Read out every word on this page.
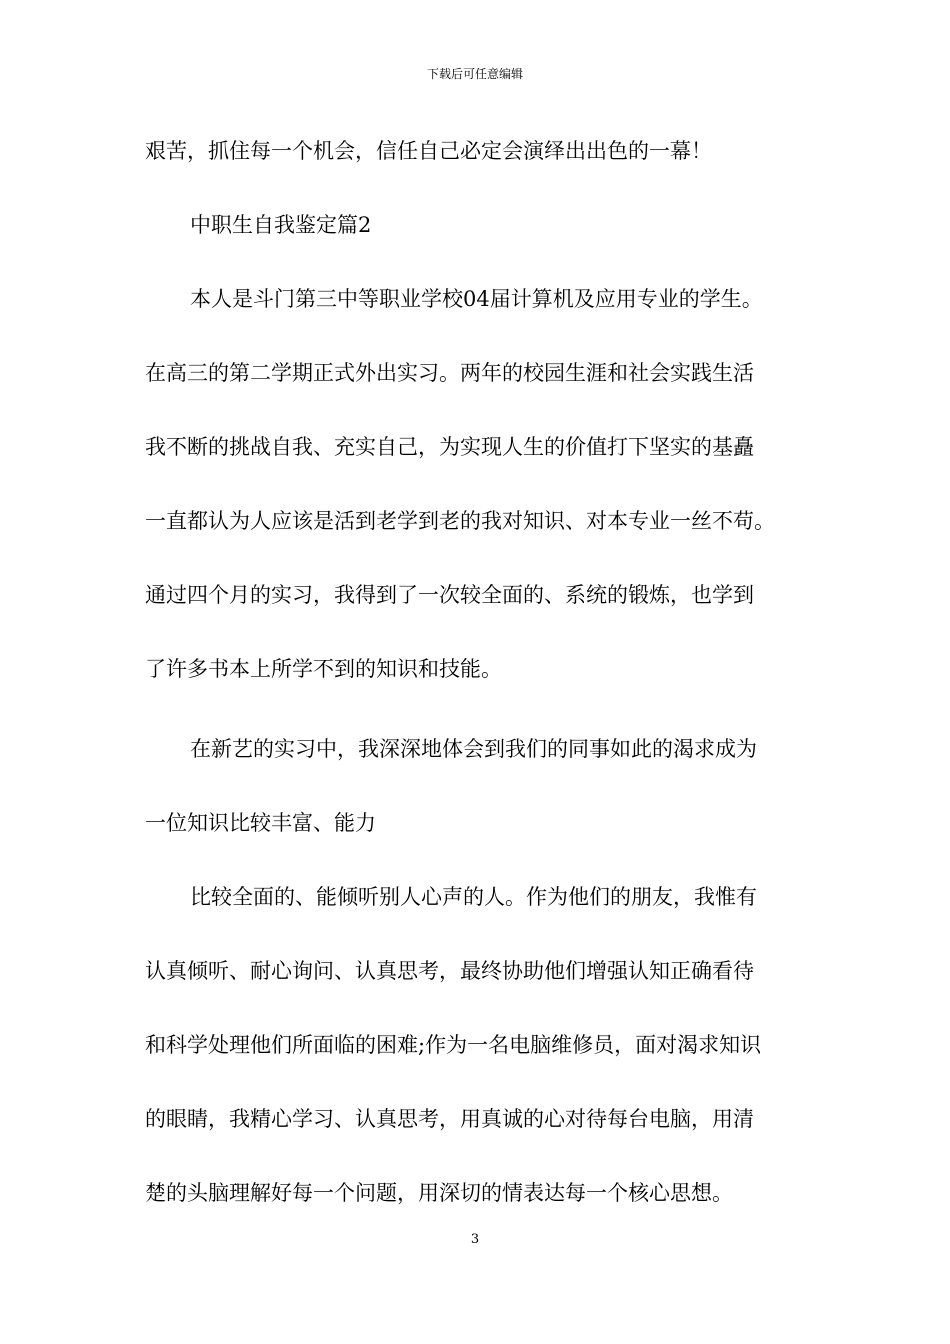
下载后可任意编辑
艰苦，抓住每一个机会，信任自己必定会演绎出出色的一幕！
中职生自我鉴定篇2
本人是斗门第三中等职业学校04届计算机及应用专业的学生。
在高三的第二学期正式外出实习。两年的校园生涯和社会实践生活
我不断的挑战自我、充实自己，为实现人生的价值打下坚实的基矗
一直都认为人应该是活到老学到老的我对知识、对本专业一丝不苟。
通过四个月的实习，我得到了一次较全面的、系统的锻炼，也学到
了许多书本上所学不到的知识和技能。
在新艺的实习中，我深深地体会到我们的同事如此的渴求成为
一位知识比较丰富、能力
比较全面的、能倾听别人心声的人。作为他们的朋友，我惟有
认真倾听、耐心询问、认真思考，最终协助他们增强认知正确看待
和科学处理他们所面临的困难;作为一名电脑维修员，面对渴求知识
的眼睛，我精心学习、认真思考，用真诚的心对待每台电脑，用清
楚的头脑理解好每一个问题，用深切的情表达每一个核心思想。
3
